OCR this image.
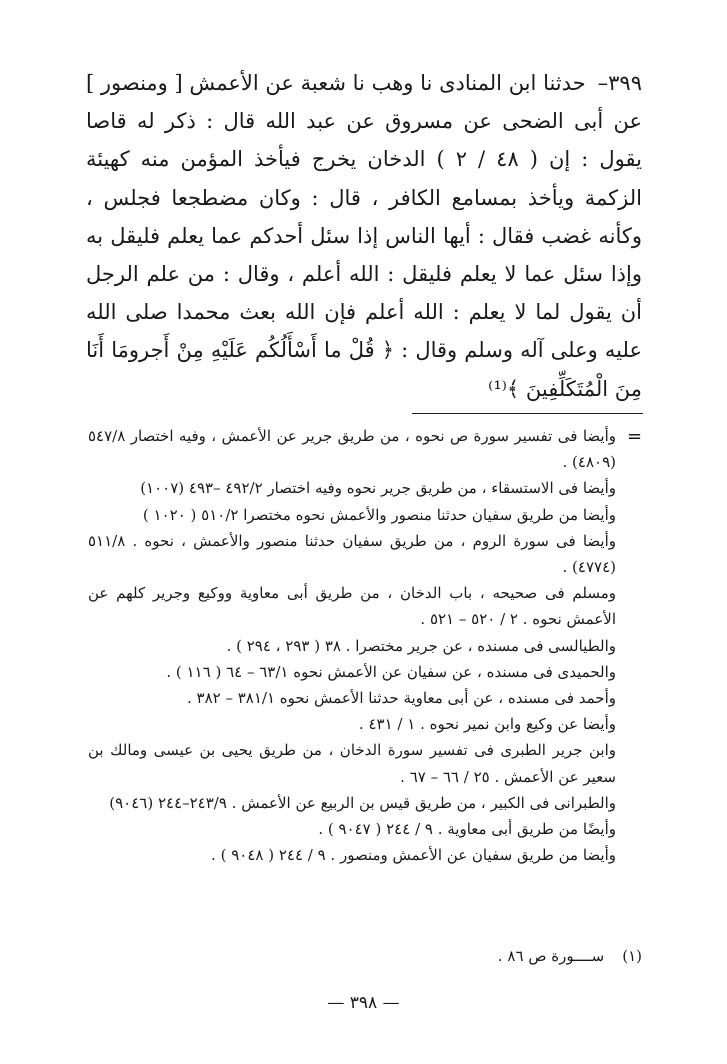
٣٩٩–حدثنا ابن المنادى نا وهب نا شعبة عن الأعمش [ ومنصور ] عن أبى الضحى عن مسروق عن عبد الله قال : ذكر له قاصا يقول : إن ( ٤٨ / ٢ ) الدخان يخرج فيأخذ المؤمن منه كهيئة الزكمة ويأخذ بمسامع الكافر ، قال : وكان مضطجعا فجلس ، وكأنه غضب فقال : أيها الناس إذا سئل أحدكم عما يعلم فليقل به وإذا سئل عما لا يعلم فليقل : الله أعلم ، وقال : من علم الرجل أن يقول لما لا يعلم : الله أعلم فإن الله بعث محمدا صلى الله عليه وعلى آله وسلم وقال : ﴿ قُلْ ما أَسْأَلُكُم عَلَيْهِ مِنْ أَجرومَا أَنَا مِنَ الْمُتَكَلِّفِينَ ﴾⁽¹⁾

=
وأيضا فى تفسير سورة ص نحوه ، من طريق جرير عن الأعمش ، وفيه اختصار ٥٤٧/٨ (٤٨٠٩) .
وأيضا فى الاستسقاء ، من طريق جرير نحوه وفيه اختصار ٤٩٢/٢ –٤٩٣ (١٠٠٧)
وأيضا من طريق سفيان حدثنا منصور والأعمش نحوه مختصرا ٥١٠/٢ ( ١٠٢٠ )
وأيضا فى سورة الروم ، من طريق سفيان حدثنا منصور والأعمش ، نحوه . ٥١١/٨ (٤٧٧٤) .
ومسلم فى صحيحه ، باب الدخان ، من طريق أبى معاوية ووكيع وجرير كلهم عن الأعمش نحوه . ٢ / ٥٢٠ – ٥٢١ .
والطيالسى فى مسنده ، عن جرير مختصرا . ٣٨ ( ٢٩٣ ، ٢٩٤ ) .
والحميدى فى مسنده ، عن سفيان عن الأعمش نحوه ٦٣/١ – ٦٤ ( ١١٦ ) .
وأحمد فى مسنده ، عن أبى معاوية حدثنا الأعمش نحوه ٣٨١/١ – ٣٨٢ .
وأيضا عن وكيع وابن نمير نحوه . ١ / ٤٣١ .
وابن جرير الطبرى فى تفسير سورة الدخان ، من طريق يحيى بن عيسى ومالك بن سعير عن الأعمش . ٢٥ / ٦٦ – ٦٧ .
والطبرانى فى الكبير ، من طريق قيس بن الربيع عن الأعمش . ٢٤٣/٩–٢٤٤ (٩٠٤٦)
وأيضًا من طريق أبى معاوية . ٩ / ٢٤٤ ( ٩٠٤٧ ) .
وأيضا من طريق سفيان عن الأعمش ومنصور . ٩ / ٢٤٤ ( ٩٠٤٨ ) .
(١)ســــورة ص ٨٦ .
— ٣٩٨ —
